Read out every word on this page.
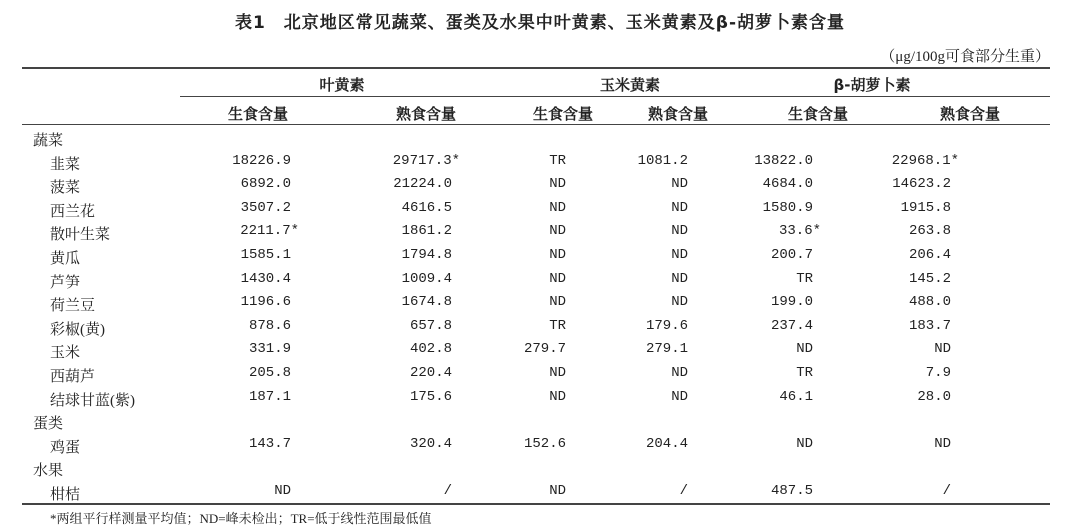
表1　北京地区常见蔬菜、蛋类及水果中叶黄素、玉米黄素及β-胡萝卜素含量
（μg/100g可食部分生重）
叶黄素	玉米黄素	β-胡萝卜素
生食含量	熟食含量	生食含量	熟食含量	生食含量	熟食含量
蔬菜
韭菜	18226.9	29717.3*	TR	1081.2	13822.0	22968.1*
菠菜	6892.0	21224.0	ND	ND	4684.0	14623.2
西兰花	3507.2	4616.5	ND	ND	1580.9	1915.8
散叶生菜	2211.7*	1861.2	ND	ND	33.6*	263.8
黄瓜	1585.1	1794.8	ND	ND	200.7	206.4
芦笋	1430.4	1009.4	ND	ND	TR	145.2
荷兰豆	1196.6	1674.8	ND	ND	199.0	488.0
彩椒(黄)	878.6	657.8	TR	179.6	237.4	183.7
玉米	331.9	402.8	279.7	279.1	ND	ND
西葫芦	205.8	220.4	ND	ND	TR	7.9
结球甘蓝(紫)	187.1	175.6	ND	ND	46.1	28.0
蛋类
鸡蛋	143.7	320.4	152.6	204.4	ND	ND
水果
柑桔	ND	/	ND	/	487.5	/
*两组平行样测量平均值；ND=峰未检出；TR=低于线性范围最低值
